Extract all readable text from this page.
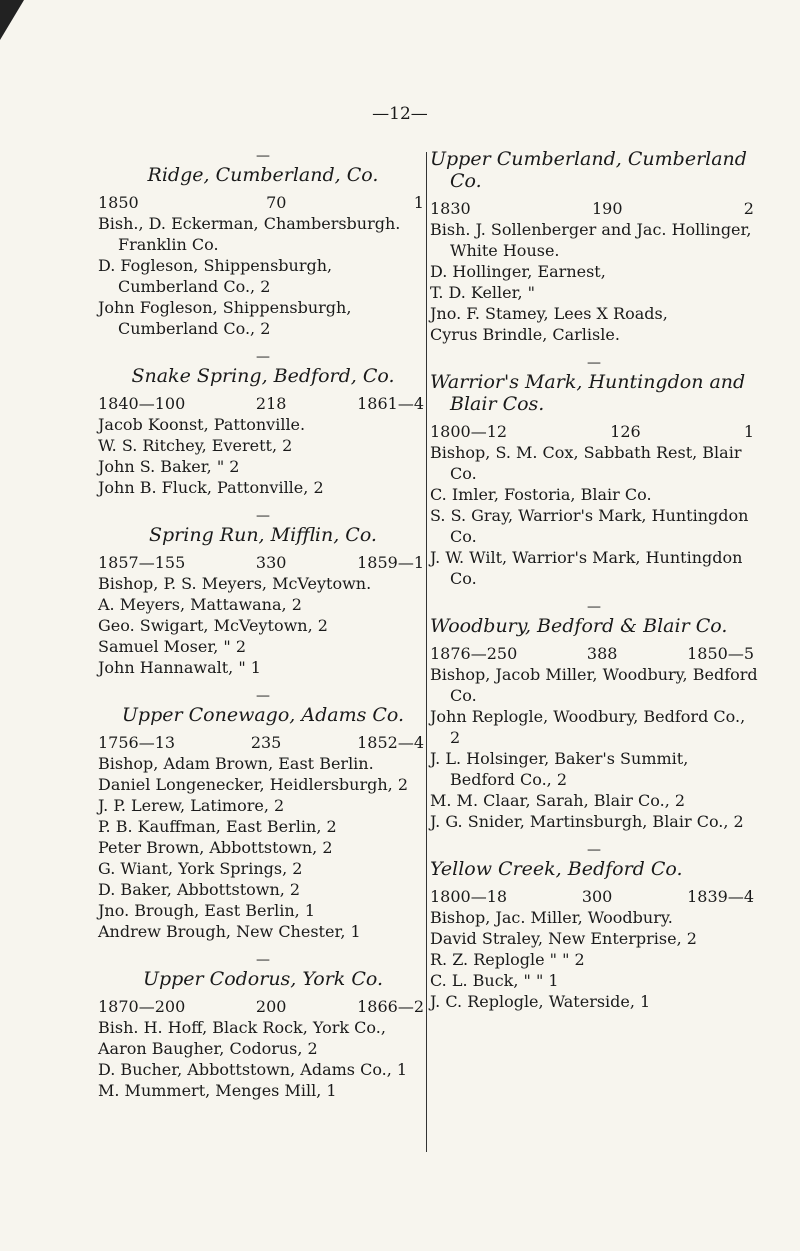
—12—
—
Ridge, Cumberland, Co.
1850	70	1
Bish., D. Eckerman, Chambersburgh. Franklin Co.
D. Fogleson, Shippensburgh, Cumberland Co., 2
John Fogleson, Shippensburgh, Cumberland Co., 2
—
Snake Spring, Bedford, Co.
1840—100	218	1861—4
Jacob Koonst, Pattonville.
W. S. Ritchey, Everett, 2
John S. Baker, " 2
John B. Fluck, Pattonville, 2
—
Spring Run, Mifflin, Co.
1857—155	330	1859—1
Bishop, P. S. Meyers, McVeytown.
A. Meyers, Mattawana, 2
Geo. Swigart, McVeytown, 2
Samuel Moser, " 2
John Hannawalt, " 1
—
Upper Conewago, Adams Co.
1756—13	235	1852—4
Bishop, Adam Brown, East Berlin.
Daniel Longenecker, Heidlersburgh, 2
J. P. Lerew, Latimore, 2
P. B. Kauffman, East Berlin, 2
Peter Brown, Abbottstown, 2
G. Wiant, York Springs, 2
D. Baker, Abbottstown, 2
Jno. Brough, East Berlin, 1
Andrew Brough, New Chester, 1
—
Upper Codorus, York Co.
1870—200	200	1866—2
Bish. H. Hoff, Black Rock, York Co.,
Aaron Baugher, Codorus, 2
D. Bucher, Abbottstown, Adams Co., 1
M. Mummert, Menges Mill, 1
Upper Cumberland, Cumberland Co.
1830	190	2
Bish. J. Sollenberger and Jac. Hollinger, White House.
D. Hollinger, Earnest,
T. D. Keller, "
Jno. F. Stamey, Lees X Roads,
Cyrus Brindle, Carlisle.
—
Warrior's Mark, Huntingdon and Blair Cos.
1800—12	126	1
Bishop, S. M. Cox, Sabbath Rest, Blair Co.
C. Imler, Fostoria, Blair Co.
S. S. Gray, Warrior's Mark, Huntingdon Co.
J. W. Wilt, Warrior's Mark, Huntingdon Co.
—
Woodbury, Bedford & Blair Co.
1876—250	388	1850—5
Bishop, Jacob Miller, Woodbury, Bedford Co.
John Replogle, Woodbury, Bedford Co., 2
J. L. Holsinger, Baker's Summit, Bedford Co., 2
M. M. Claar, Sarah, Blair Co., 2
J. G. Snider, Martinsburgh, Blair Co., 2
—
Yellow Creek, Bedford Co.
1800—18	300	1839—4
Bishop, Jac. Miller, Woodbury.
David Straley, New Enterprise, 2
R. Z. Replogle " " 2
C. L. Buck, " " 1
J. C. Replogle, Waterside, 1
